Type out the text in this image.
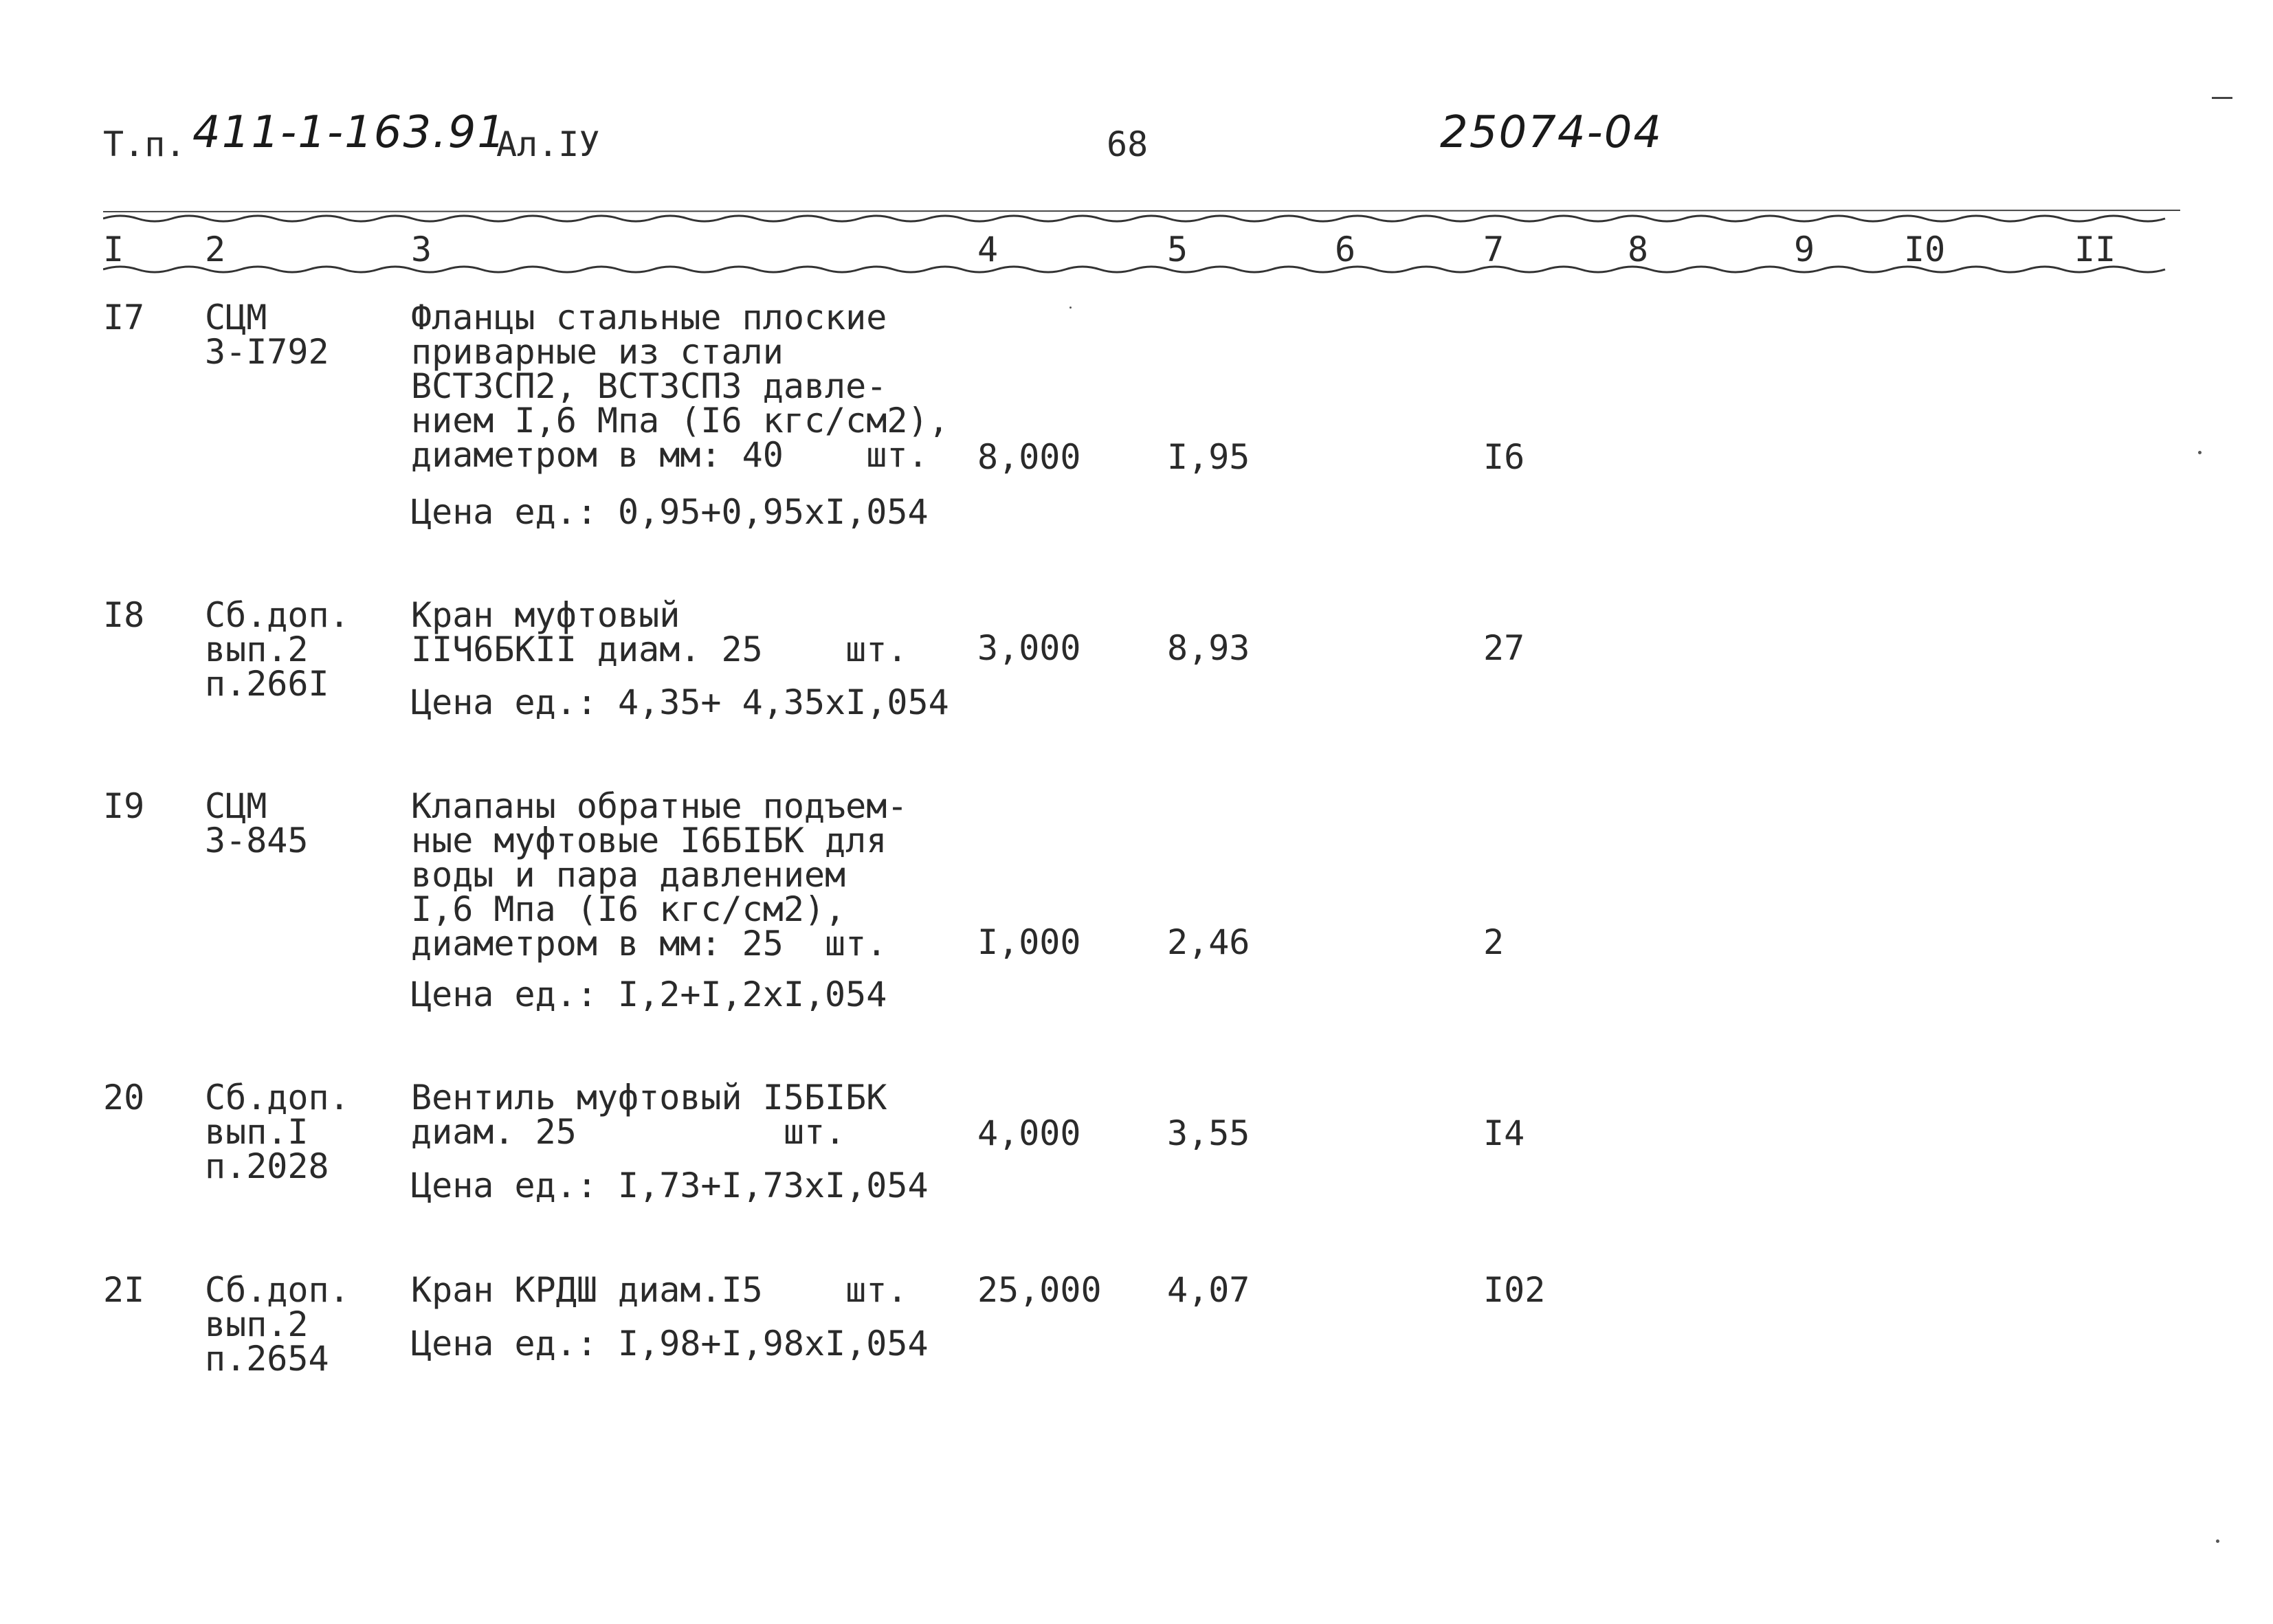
Т.п. 411-1-163.91
Ал.IУ	68	25074-04
I 2	3	4	5	6	7	8	9	I0	II
I7 СЦМ
3-I792
Фланцы стальные плоские
приварные из стали
ВСТ3СП2, ВСТ3СП3 давле-
нием I,6 Мпа (I6 кгс/см2),
диаметром в мм: 40    шт.
Цена ед.: 0,95+0,95хI,054
8,000	I,95	I6
I8 Сб.доп.
вып.2
п.266I
Кран муфтовый
IIЧ6БКII диам. 25    шт.
Цена ед.: 4,35+ 4,35хI,054
3,000	8,93	27
I9 СЦМ
3-845
Клапаны обратные подъем-
ные муфтовые I6БIБК для
воды и пара давлением
I,6 Мпа (I6 кгс/см2),
диаметром в мм: 25  шт.
Цена ед.: I,2+I,2хI,054
I,000	2,46	2
20 Сб.доп.
вып.I
п.2028
Вентиль муфтовый I5БIБК
диам. 25          шт.
Цена ед.: I,73+I,73хI,054
4,000	3,55	I4
2I Сб.доп.
вып.2
п.2654
Кран КРДШ диам.I5    шт.
Цена ед.: I,98+I,98хI,054
25,000 4,07	I02
